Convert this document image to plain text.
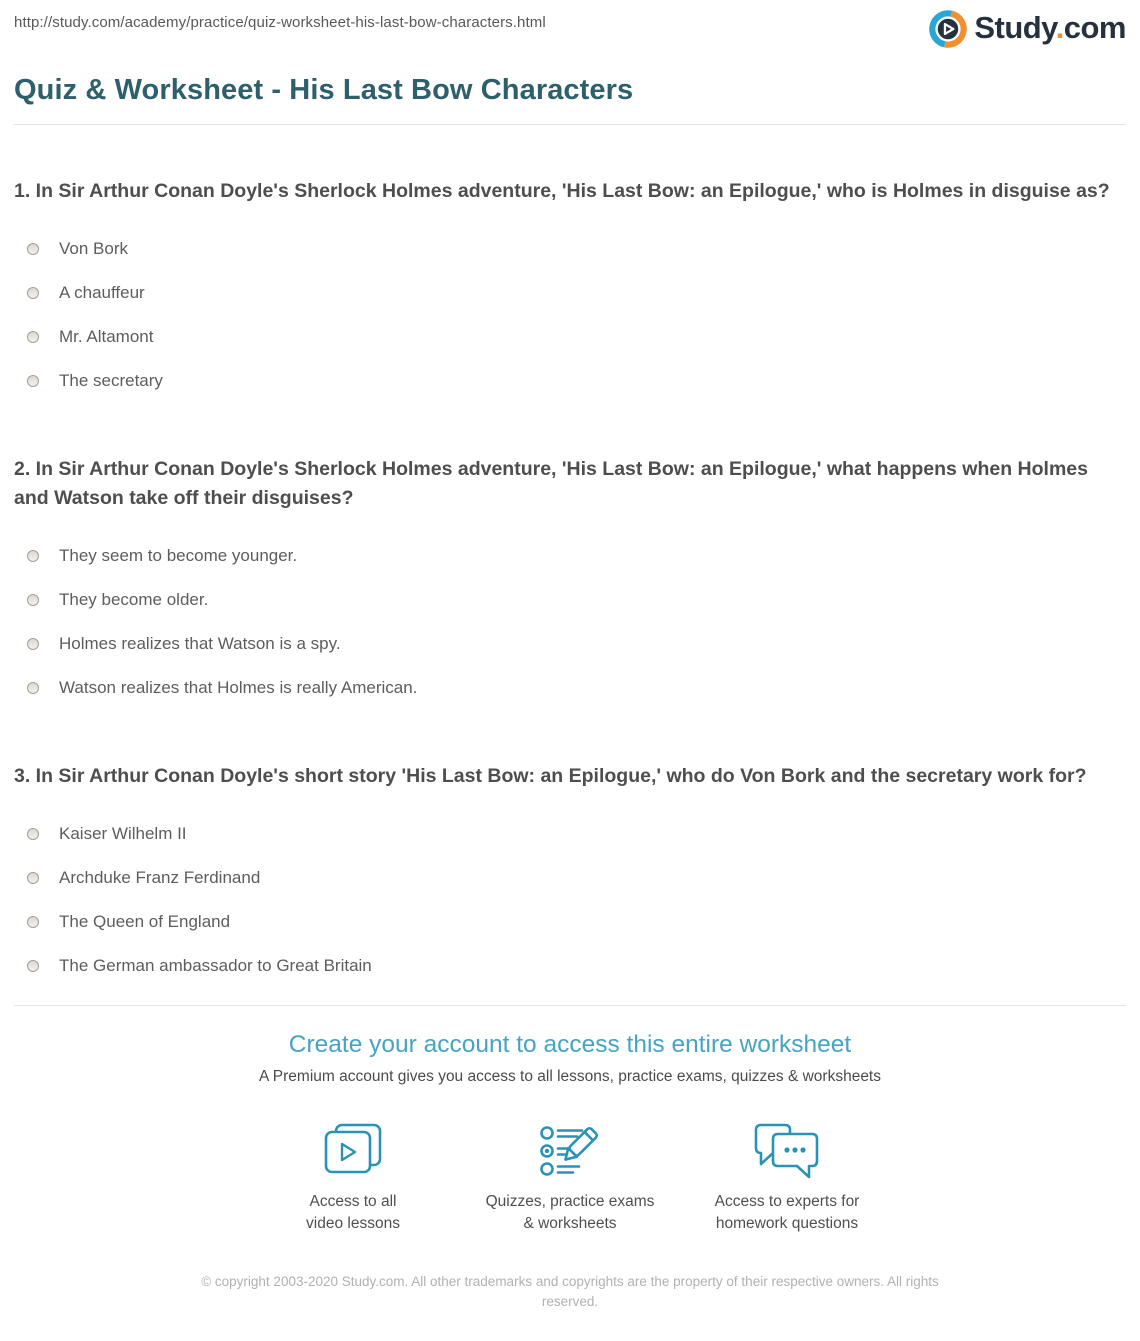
http://study.com/academy/practice/quiz-worksheet-his-last-bow-characters.html	Study.com
Quiz & Worksheet - His Last Bow Characters
1. In Sir Arthur Conan Doyle's Sherlock Holmes adventure, 'His Last Bow: an Epilogue,' who is Holmes in disguise as?
Von Bork
A chauffeur
Mr. Altamont
The secretary
2. In Sir Arthur Conan Doyle's Sherlock Holmes adventure, 'His Last Bow: an Epilogue,' what happens when Holmes and Watson take off their disguises?
They seem to become younger.
They become older.
Holmes realizes that Watson is a spy.
Watson realizes that Holmes is really American.
3. In Sir Arthur Conan Doyle's short story 'His Last Bow: an Epilogue,' who do Von Bork and the secretary work for?
Kaiser Wilhelm II
Archduke Franz Ferdinand
The Queen of England
The German ambassador to Great Britain
Create your account to access this entire worksheet
A Premium account gives you access to all lessons, practice exams, quizzes & worksheets
Access to all
video lessons
Quizzes, practice exams
& worksheets
Access to experts for
homework questions
© copyright 2003-2020 Study.com. All other trademarks and copyrights are the property of their respective owners. All rights reserved.
